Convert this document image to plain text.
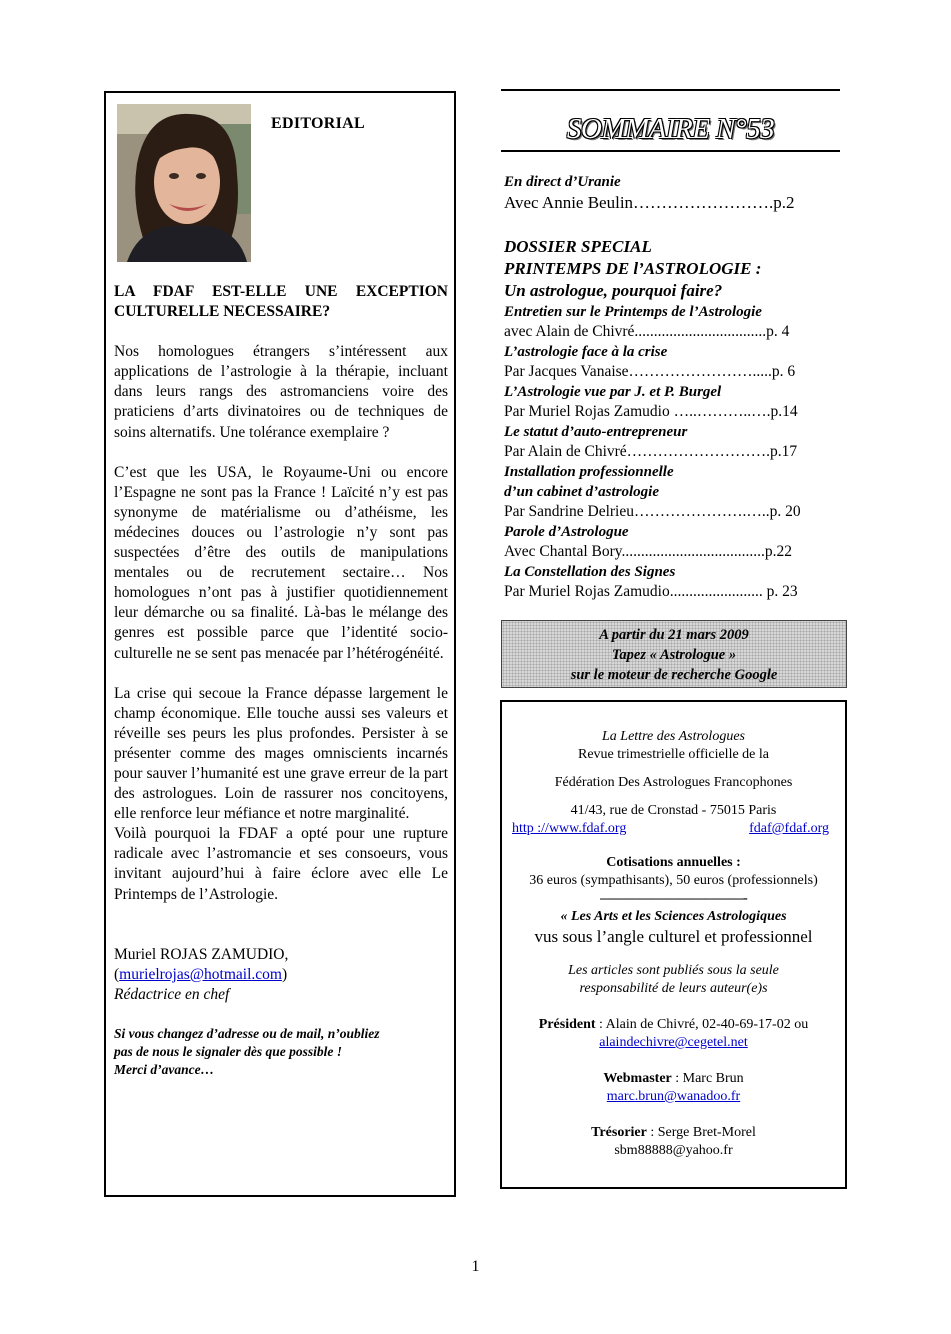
EDITORIAL

LA FDAF EST-ELLE UNE EXCEPTION CULTURELLE NECESSAIRE?

Nos homologues étrangers s’intéressent aux applications de l’astrologie à la thérapie, incluant dans leurs rangs des astromanciens voire des praticiens d’arts divinatoires ou de techniques de soins alternatifs. Une tolérance exemplaire ?

C’est que les USA, le Royaume-Uni ou encore l’Espagne ne sont pas la France ! Laïcité n’y est pas synonyme de matérialisme ou d’athéisme, les médecines douces ou l’astrologie n’y sont pas suspectées d’être des outils de manipulations mentales ou de recrutement sectaire… Nos homologues n’ont pas à justifier quotidiennement leur démarche ou sa finalité. Là-bas le mélange des genres est possible parce que l’identité socio-culturelle ne se sent pas menacée par l’hétérogénéité.

La crise qui secoue la France dépasse largement le champ économique. Elle touche aussi ses valeurs et réveille ses peurs les plus profondes. Persister à se présenter comme des mages omniscients incarnés pour sauver l’humanité est une grave erreur de la part des astrologues. Loin de rassurer nos concitoyens, elle renforce leur méfiance et notre marginalité.

Voilà pourquoi la FDAF a opté pour une rupture radicale avec l’astromancie et ses consoeurs, vous invitant aujourd’hui à faire éclore avec elle Le Printemps de l’Astrologie.

Muriel ROJAS ZAMUDIO,

(murielrojas@hotmail.com)

Rédactrice en chef

Si vous changez d’adresse ou de mail, n’oubliez

pas de nous le signaler dès que possible !

Merci d’avance…

SOMMAIRE N°53
En direct d’Uranie
Avec Annie Beulin…………………….p.2
DOSSIER SPECIAL
PRINTEMPS DE l’ASTROLOGIE :
Un astrologue, pourquoi faire?
Entretien sur le Printemps de l’Astrologie
avec Alain de Chivré..................................p. 4
L’astrologie face à la crise
Par Jacques Vanaise…………………….....p. 6
L’Astrologie vue par J. et P. Burgel
Par Muriel Rojas Zamudio …..………..….p.14
Le statut d’auto-entrepreneur
Par Alain de Chivré……………………….p.17
Installation professionnelle
d’un cabinet d’astrologie
Par Sandrine Delrieu………………….…..p. 20
Parole d’Astrologue
Avec Chantal Bory.....................................p.22
La Constellation des Signes
Par Muriel Rojas Zamudio........................ p. 23
A partir du 21 mars 2009
Tapez « Astrologue »
sur le moteur de recherche Google
La Lettre des Astrologues
Revue trimestrielle officielle de la
Fédération Des Astrologues Francophones
41/43, rue de Cronstad - 75015 Paris
http ://www.fdaf.org	fdaf@fdaf.org
Cotisations annuelles :
36 euros (sympathisants), 50 euros (professionnels)
———————————-
« Les Arts et les Sciences Astrologiques
vus sous l’angle culturel et professionnel
Les articles sont publiés sous la seule
responsabilité de leurs auteur(e)s
Président : Alain de Chivré, 02-40-69-17-02 ou
alaindechivre@cegetel.net
Webmaster : Marc Brun
marc.brun@wanadoo.fr
Trésorier : Serge Bret-Morel
sbm88888@yahoo.fr
1
